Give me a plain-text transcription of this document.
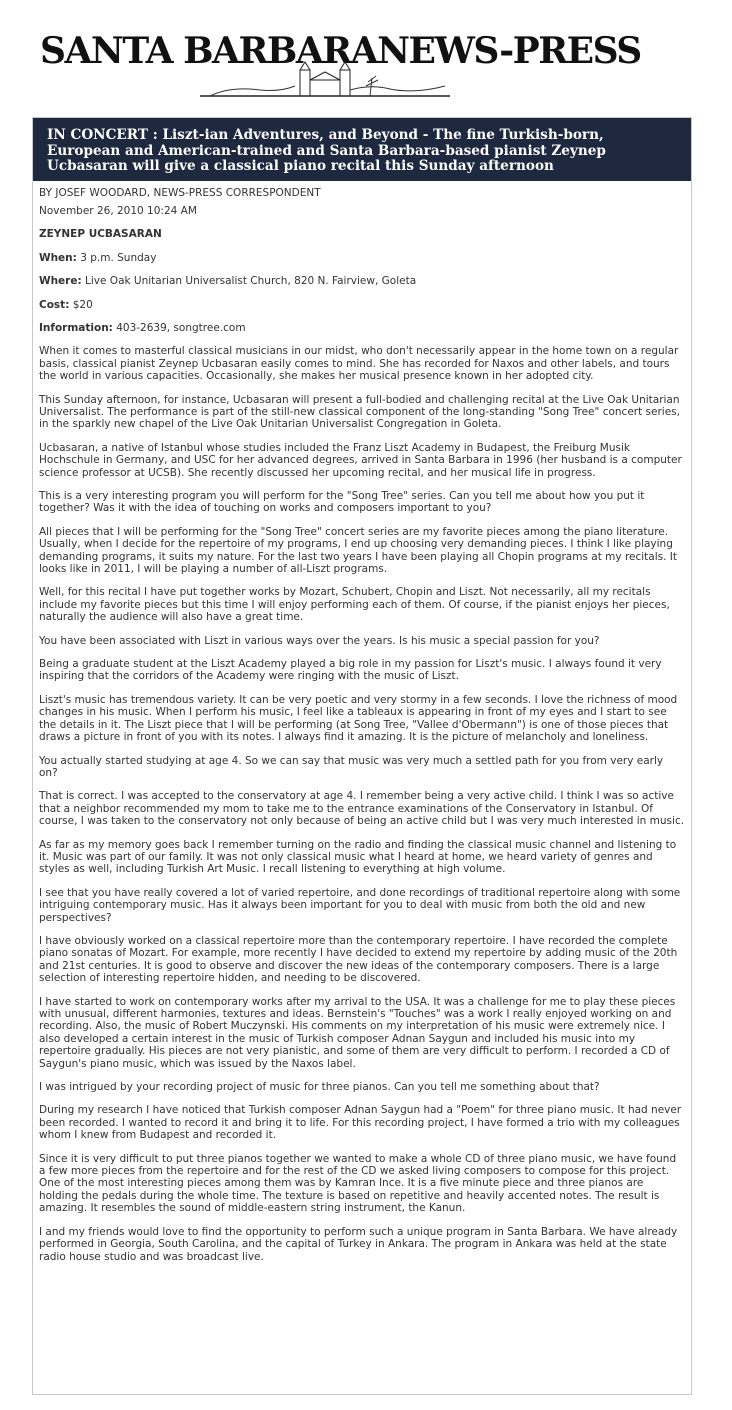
SANTA BARBARANEWS-PRESS
IN CONCERT : Liszt-ian Adventures, and Beyond - The fine Turkish-born, European and American-trained and Santa Barbara-based pianist Zeynep Ucbasaran will give a classical piano recital this Sunday afternoon
BY JOSEF WOODARD, NEWS-PRESS CORRESPONDENT
November 26, 2010 10:24 AM
ZEYNEP UCBASARAN
When: 3 p.m. Sunday
Where: Live Oak Unitarian Universalist Church, 820 N. Fairview, Goleta
Cost: $20
Information: 403-2639, songtree.com

When it comes to masterful classical musicians in our midst, who don't necessarily appear in the home town on a regular basis, classical pianist Zeynep Ucbasaran easily comes to mind. She has recorded for Naxos and other labels, and tours the world in various capacities. Occasionally, she makes her musical presence known in her adopted city.

This Sunday afternoon, for instance, Ucbasaran will present a full-bodied and challenging recital at the Live Oak Unitarian Universalist. The performance is part of the still-new classical component of the long-standing "Song Tree" concert series, in the sparkly new chapel of the Live Oak Unitarian Universalist Congregation in Goleta.

Ucbasaran, a native of Istanbul whose studies included the Franz Liszt Academy in Budapest, the Freiburg Musik Hochschule in Germany, and USC for her advanced degrees, arrived in Santa Barbara in 1996 (her husband is a computer science professor at UCSB). She recently discussed her upcoming recital, and her musical life in progress.

This is a very interesting program you will perform for the "Song Tree" series. Can you tell me about how you put it together? Was it with the idea of touching on works and composers important to you?

All pieces that I will be performing for the "Song Tree" concert series are my favorite pieces among the piano literature. Usually, when I decide for the repertoire of my programs, I end up choosing very demanding pieces. I think I like playing demanding programs, it suits my nature. For the last two years I have been playing all Chopin programs at my recitals. It looks like in 2011, I will be playing a number of all-Liszt programs.

Well, for this recital I have put together works by Mozart, Schubert, Chopin and Liszt. Not necessarily, all my recitals include my favorite pieces but this time I will enjoy performing each of them. Of course, if the pianist enjoys her pieces, naturally the audience will also have a great time.

You have been associated with Liszt in various ways over the years. Is his music a special passion for you?

Being a graduate student at the Liszt Academy played a big role in my passion for Liszt's music. I always found it very inspiring that the corridors of the Academy were ringing with the music of Liszt.

Liszt's music has tremendous variety. It can be very poetic and very stormy in a few seconds. I love the richness of mood changes in his music. When I perform his music, I feel like a tableaux is appearing in front of my eyes and I start to see the details in it. The Liszt piece that I will be performing (at Song Tree, "Vallee d'Obermann") is one of those pieces that draws a picture in front of you with its notes. I always find it amazing. It is the picture of melancholy and loneliness.

You actually started studying at age 4. So we can say that music was very much a settled path for you from very early on?

That is correct. I was accepted to the conservatory at age 4. I remember being a very active child. I think I was so active that a neighbor recommended my mom to take me to the entrance examinations of the Conservatory in Istanbul. Of course, I was taken to the conservatory not only because of being an active child but I was very much interested in music.

As far as my memory goes back I remember turning on the radio and finding the classical music channel and listening to it. Music was part of our family. It was not only classical music what I heard at home, we heard variety of genres and styles as well, including Turkish Art Music. I recall listening to everything at high volume.

I see that you have really covered a lot of varied repertoire, and done recordings of traditional repertoire along with some intriguing contemporary music. Has it always been important for you to deal with music from both the old and new perspectives?

I have obviously worked on a classical repertoire more than the contemporary repertoire. I have recorded the complete piano sonatas of Mozart. For example, more recently I have decided to extend my repertoire by adding music of the 20th and 21st centuries. It is good to observe and discover the new ideas of the contemporary composers. There is a large selection of interesting repertoire hidden, and needing to be discovered.

I have started to work on contemporary works after my arrival to the USA. It was a challenge for me to play these pieces with unusual, different harmonies, textures and ideas. Bernstein's "Touches" was a work I really enjoyed working on and recording. Also, the music of Robert Muczynski. His comments on my interpretation of his music were extremely nice. I also developed a certain interest in the music of Turkish composer Adnan Saygun and included his music into my repertoire gradually. His pieces are not very pianistic, and some of them are very difficult to perform. I recorded a CD of Saygun's piano music, which was issued by the Naxos label.

I was intrigued by your recording project of music for three pianos. Can you tell me something about that?

During my research I have noticed that Turkish composer Adnan Saygun had a "Poem" for three piano music. It had never been recorded. I wanted to record it and bring it to life. For this recording project, I have formed a trio with my colleagues whom I knew from Budapest and recorded it.

Since it is very difficult to put three pianos together we wanted to make a whole CD of three piano music, we have found a few more pieces from the repertoire and for the rest of the CD we asked living composers to compose for this project. One of the most interesting pieces among them was by Kamran Ince. It is a five minute piece and three pianos are holding the pedals during the whole time. The texture is based on repetitive and heavily accented notes. The result is amazing. It resembles the sound of middle-eastern string instrument, the Kanun.

I and my friends would love to find the opportunity to perform such a unique program in Santa Barbara. We have already performed in Georgia, South Carolina, and the capital of Turkey in Ankara. The program in Ankara was held at the state radio house studio and was broadcast live.
